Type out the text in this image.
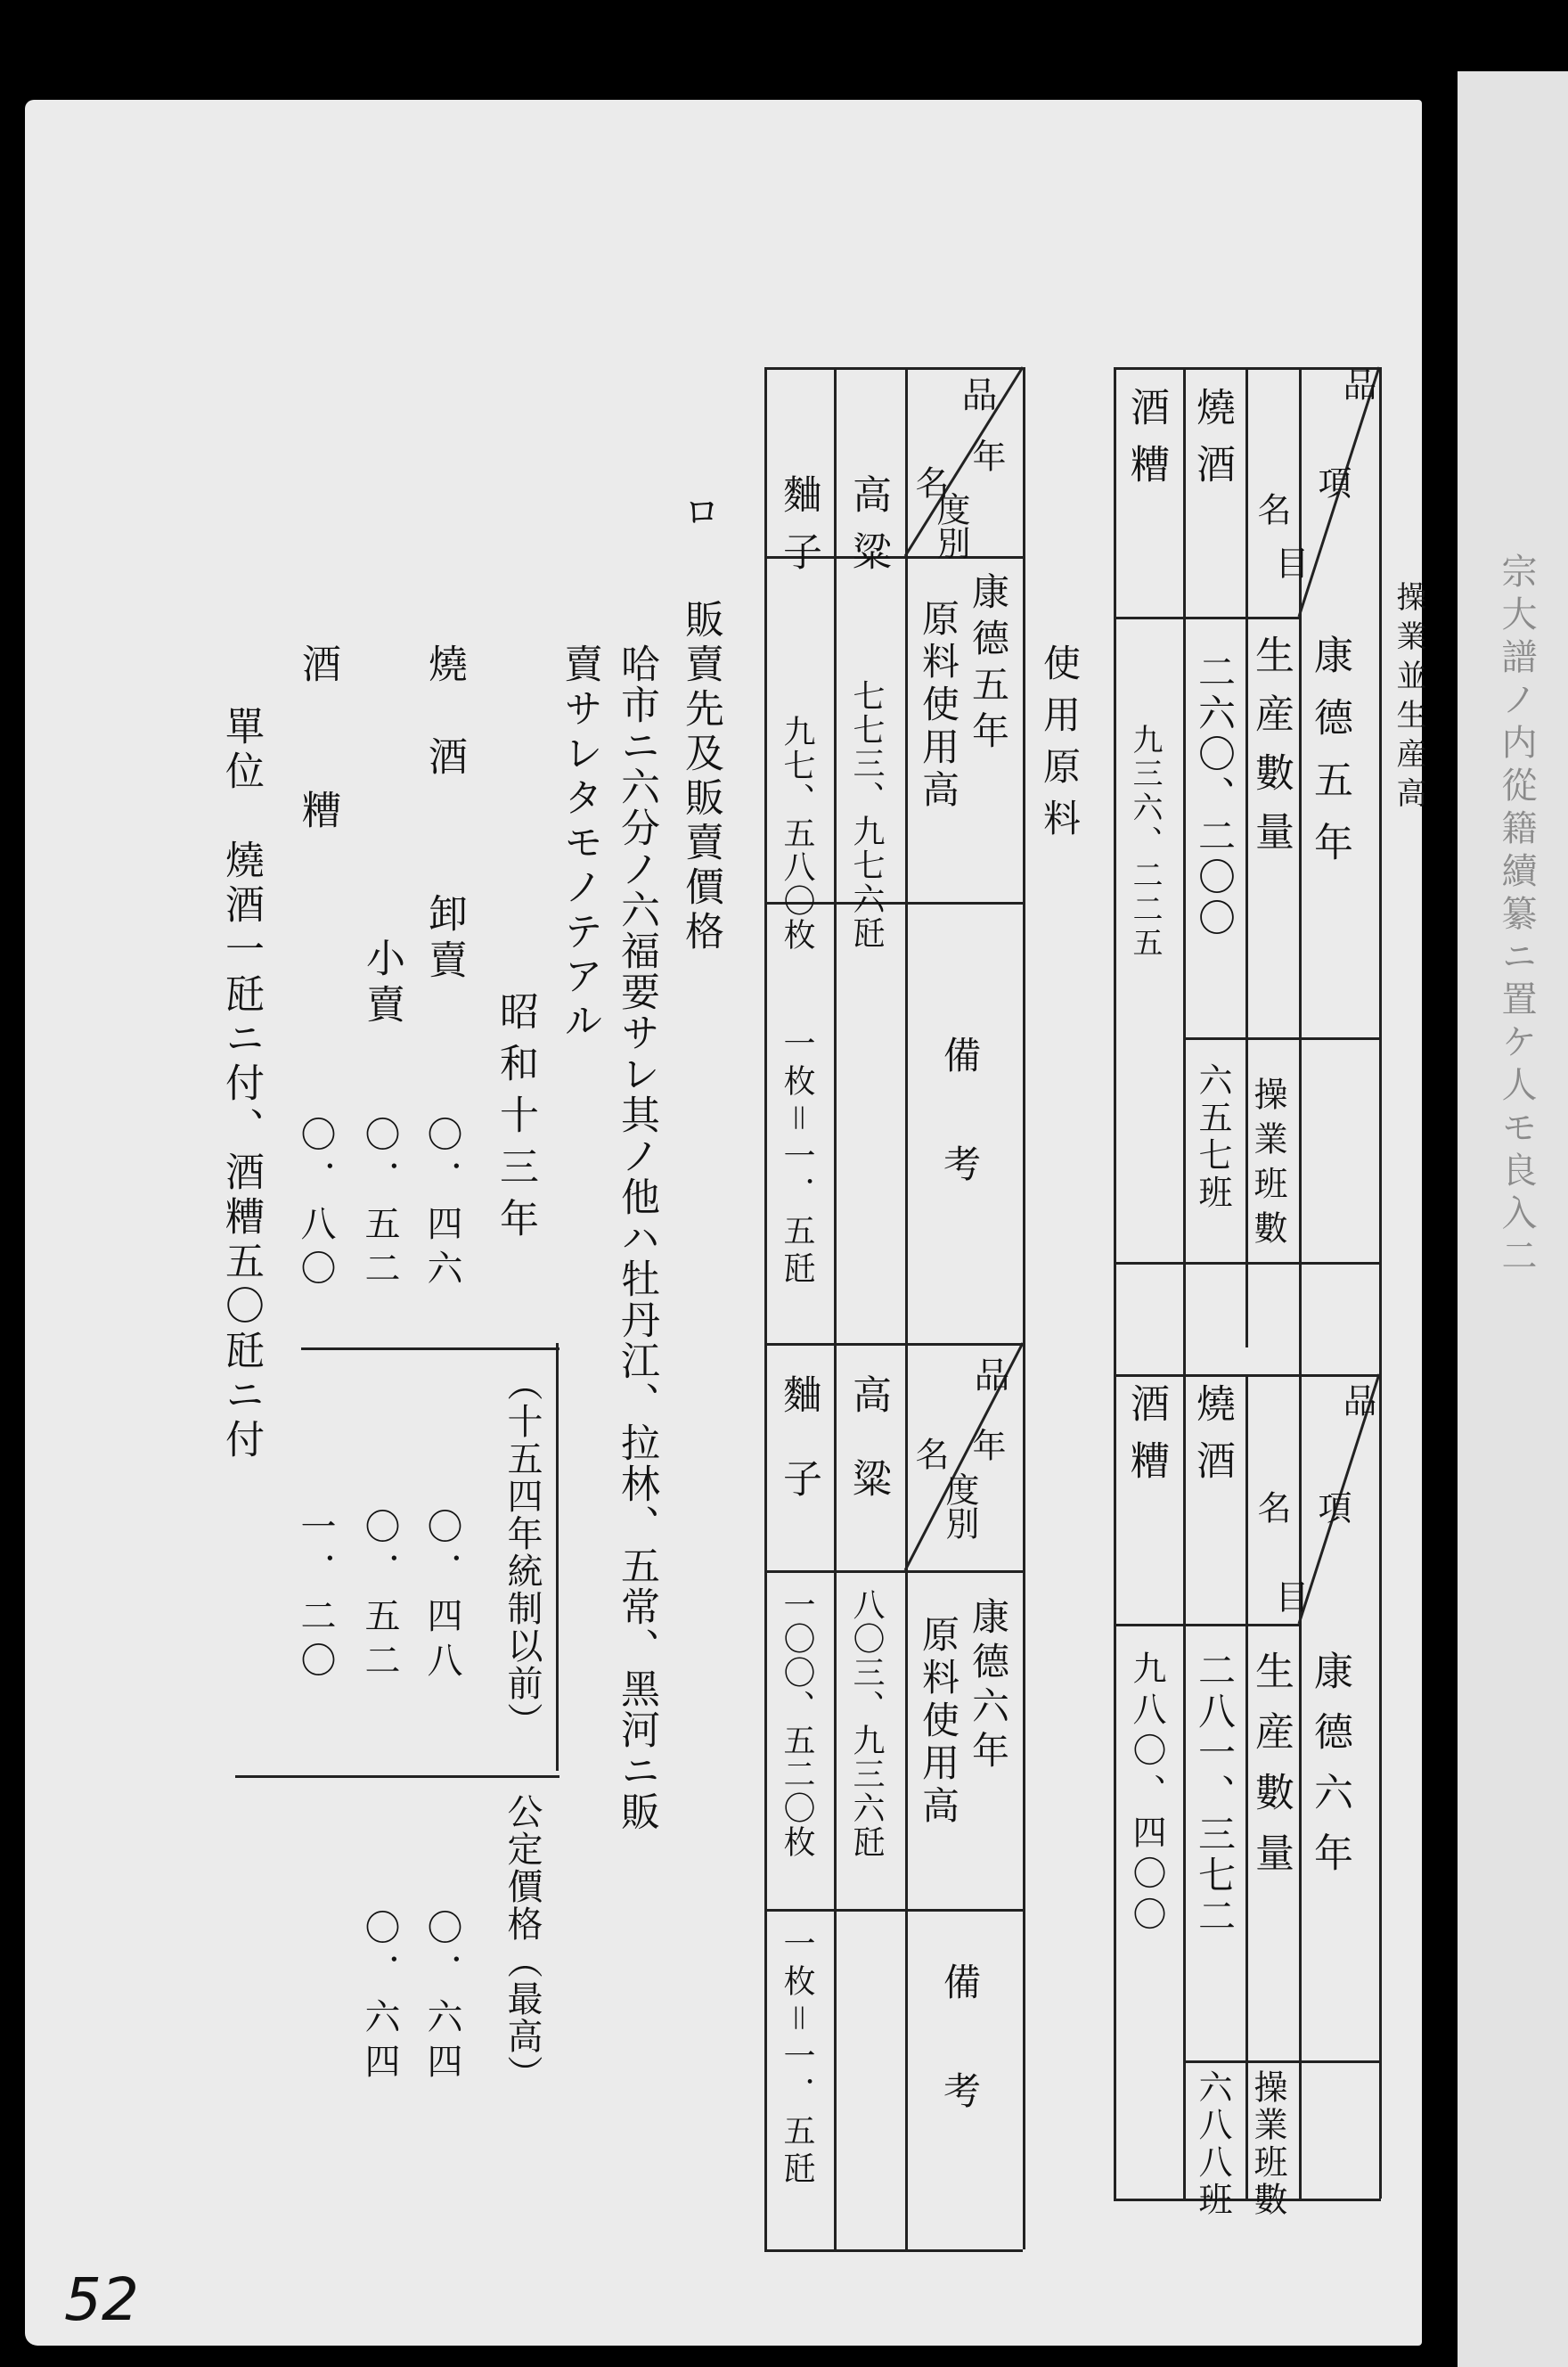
宗大譜ノ内從籍續纂ニ置ケ人モ良入二
操業並生産高
品
項
目
名
康德五年
生産數量
操業班數
燒酒
酒糟
二六〇、二〇〇
九三六、二二五
六五七班
品
項
目
名
康德六年
生産數量
操業班數
燒酒
酒糟
二八一、三七二
九八〇、四〇〇
六八八班
使用原料
品
年
度別
名
康德五年
原料使用高
備考
高粱
麯子
七七三、九七六瓩
九七、五八〇枚
一枚＝一．五瓩
品
年
度別
名
康德六年
原料使用高
備考
高粱
麯子
八〇三、九三六瓩
一〇〇、五二〇枚
一枚＝一．五瓩
ロ
販賣先及販賣價格
哈市ニ六分ノ六福要サレ其ノ他ハ牡丹江、拉林、五常、黑河ニ販
賣サレタモノテアル
昭和十三年
（十五四年統制以前）
公定價格（最高）
燒酒
卸賣
〇．四六
〇．四八
〇．六四
小賣
〇．五二
〇．五二
〇．六四
酒糟
〇．八〇
一．二〇
單位　燒酒一瓩ニ付、酒糟五〇瓩ニ付
52
